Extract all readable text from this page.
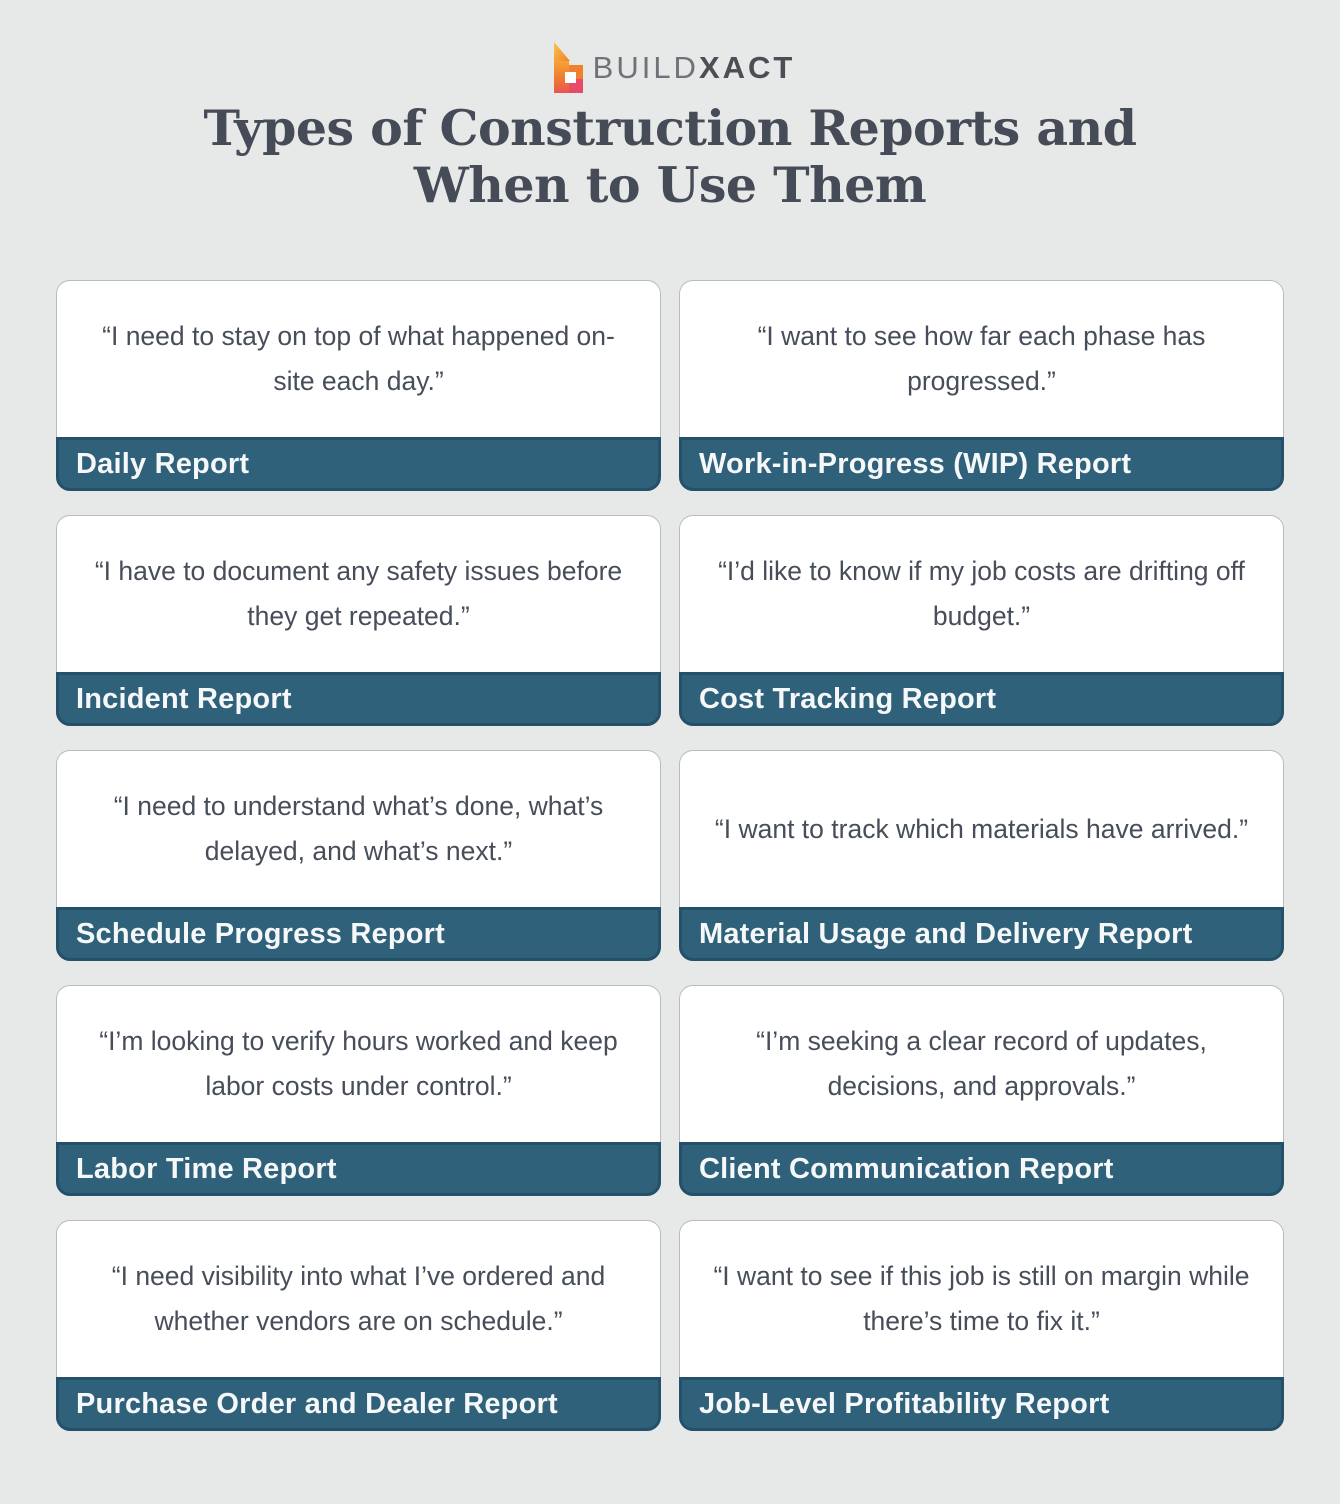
BUILDXACT
Types of Construction Reports and
When to Use Them
“I need to stay on top of what happened on-site each day.”
Daily Report
“I want to see how far each phase has progressed.”
Work-in-Progress (WIP) Report
“I have to document any safety issues before they get repeated.”
Incident Report
“I’d like to know if my job costs are drifting off budget.”
Cost Tracking Report
“I need to understand what’s done, what’s delayed, and what’s next.”
Schedule Progress Report
“I want to track which materials have arrived.”
Material Usage and Delivery Report
“I’m looking to verify hours worked and keep labor costs under control.”
Labor Time Report
“I’m seeking a clear record of updates, decisions, and approvals.”
Client Communication Report
“I need visibility into what I’ve ordered and whether vendors are on schedule.”
Purchase Order and Dealer Report
“I want to see if this job is still on margin while there’s time to fix it.”
Job-Level Profitability Report
